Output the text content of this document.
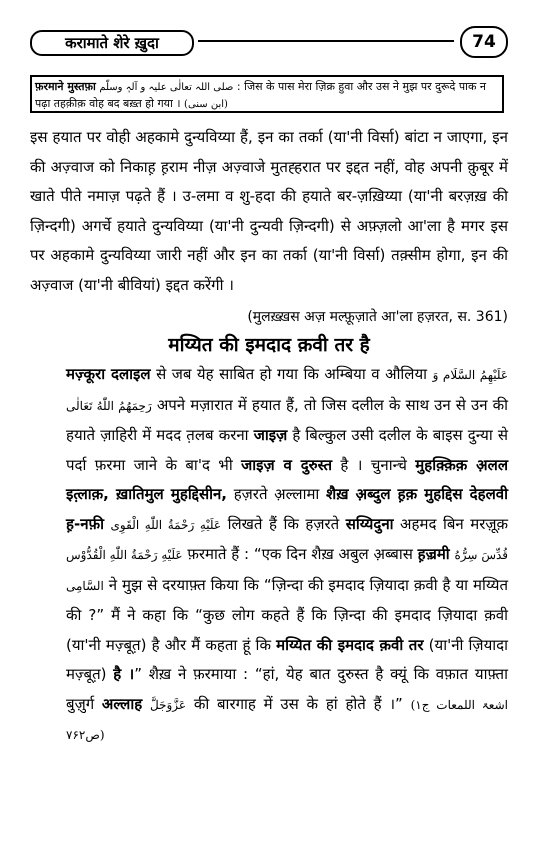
करामाते शेरे ख़ुदा	74
फ़रमाने मुस्तफ़ा صلی اللہ تعالٰی علیہ و آلہٖ وسلّم : जिस के पास मेरा ज़िक्र हुवा और उस ने मुझ पर दुरूदे पाक न पढ़ा तहक़ीक़ वोह बद बख़्त हो गया । (ابن سنی)

इस हयात पर वोही अहकामे दुन्यविय्या हैं, इन का तर्का (या'नी विर्सा) बांटा न जाएगा, इन की अज़्वाज को निकाह़ ह़राम नीज़ अज़्वाजे मुतह्हरात पर इद्दत नहीं, वोह अपनी क़ुबूर में खाते पीते नमाज़ पढ़ते हैं । उ-लमा व शु-हदा की हयाते बर-ज़ख़िय्या (या'नी बरज़ख़ की ज़िन्दगी) अगर्चे हयाते दुन्यविय्या (या'नी दुन्यवी ज़िन्दगी) से अफ़्ज़लो आ'ला है मगर इस पर अहकामे दुन्यविय्या जारी नहीं और इन का तर्का (या'नी विर्सा) तक़्सीम होगा, इन की अज़्वाज (या'नी बीवियां) इद्दत करेंगी ।

(मुलख़्ख़स अज़ मल्फ़ूज़ाते आ'ला हज़रत, स. 361)

मय्यित की इमदाद क़वी तर है

मज़्कूरा दलाइल से जब येह साबित हो गया कि अम्बिया व औलिया عَلَيْهِمُ السَّلَام وَ رَحِمَهُمُ اللّٰهُ تَعَالٰى अपने मज़ारात में हयात हैं, तो जिस दलील के साथ उन से उन की हयाते ज़ाहिरी में मदद त़लब करना जाइज़ है बिल्कुल उसी दलील के बाइस दुन्या से पर्दा फ़रमा जाने के बा'द भी जाइज़ व दुरुस्त है । चुनान्चे मुहक़्क़िक़ अ़लल इत़्लाक़, ख़ातिमुल मुहद्दिसीन, हज़रते अ़ल्लामा शैख़ अ़ब्दुल ह़क़ मुहद्दिस देहलवी ह़-नफ़ी عَلَيْهِ رَحْمَةُ اللّٰهِ الْقَوِى लिखते हैं कि हज़रते सय्यिदुना अहमद बिन मरज़ूक़ عَلَيْهِ رَحْمَةُ اللّٰهِ الْقُدُّوْس फ़रमाते हैं : “एक दिन शैख़ अबुल अ़ब्बास ह़ज़्रमी قُدِّسَ سِرُّهُ السَّامِى ने मुझ से दरयाफ़्त किया कि “ज़िन्दा की इमदाद ज़ियादा क़वी है या मय्यित की ?” मैं ने कहा कि “कुछ लोग कहते हैं कि ज़िन्दा की इमदाद ज़ियादा क़वी (या'नी मज़्बूत़) है और मैं कहता हूं कि मय्यित की इमदाद क़वी तर (या'नी ज़ियादा मज़्बूत़) है ।” शैख़ ने फ़रमाया : “हां, येह बात दुरुस्त है क्यूं कि वफ़ात याफ़्ता बुज़ुर्ग अल्लाह عَزَّوَجَلَّ की बारगाह में उस के हां होते हैं ।” (اشعۃ اللمعات ج۱ ص۷۶۲)
